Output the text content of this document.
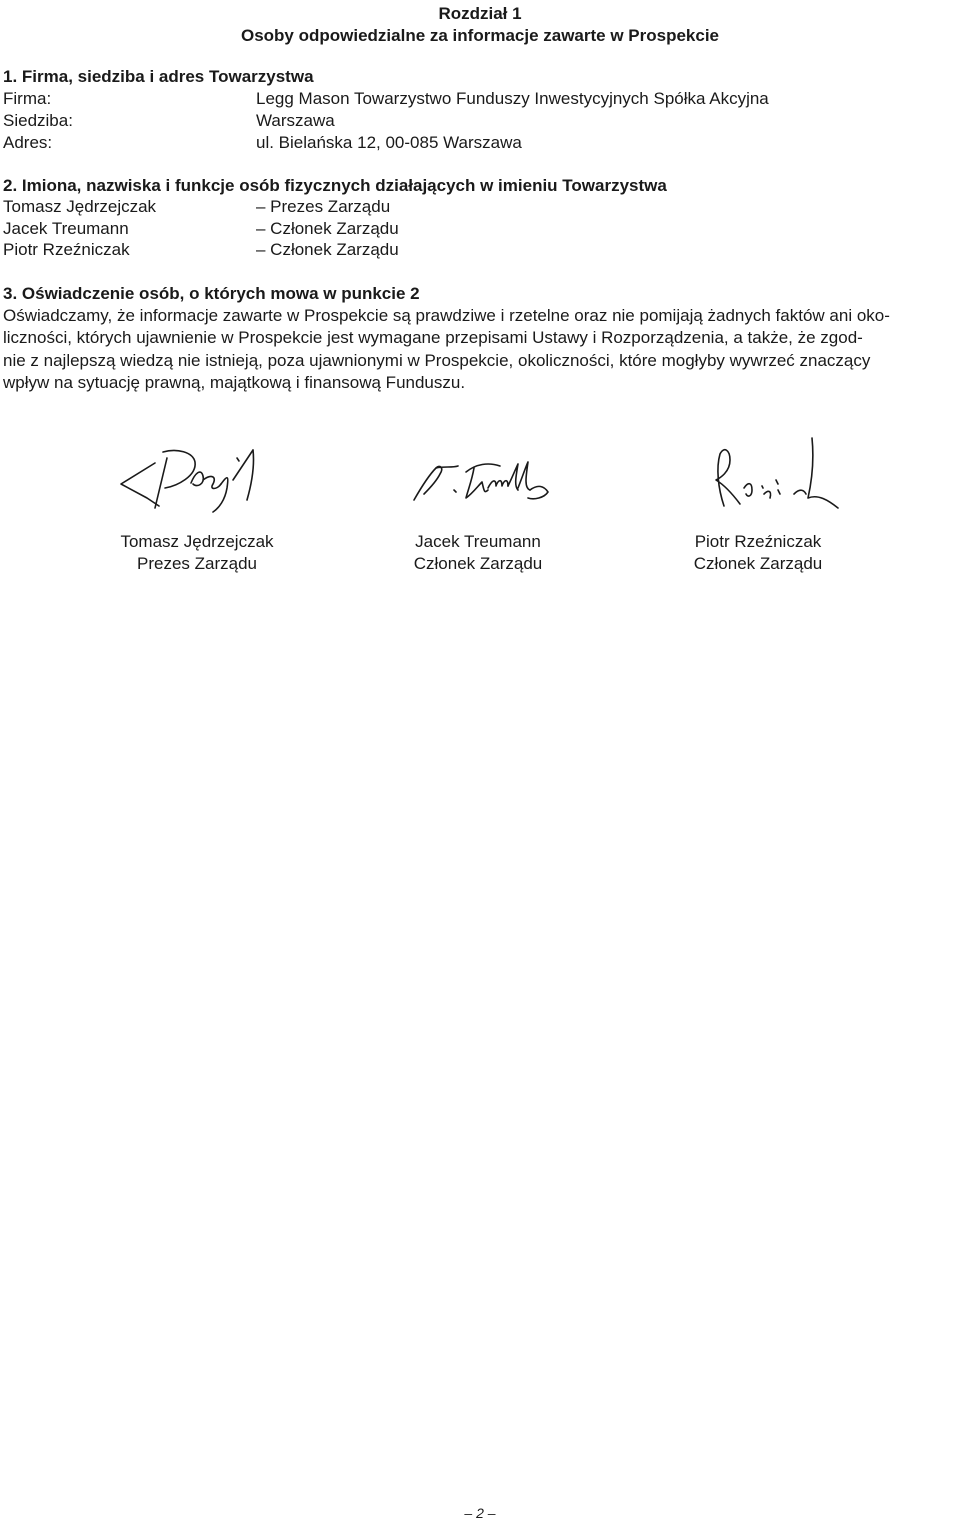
Rozdział 1
Osoby odpowiedzialne za informacje zawarte w Prospekcie
1. Firma, siedziba i adres Towarzystwa
Firma:	Legg Mason Towarzystwo Funduszy Inwestycyjnych Spółka Akcyjna
Siedziba:	Warszawa
Adres:	ul. Bielańska 12, 00-085 Warszawa
2. Imiona, nazwiska i funkcje osób fizycznych działających w imieniu Towarzystwa
Tomasz Jędrzejczak	– Prezes Zarządu
Jacek Treumann	– Członek Zarządu
Piotr Rzeźniczak	– Członek Zarządu
3. Oświadczenie osób, o których mowa w punkcie 2
Oświadczamy, że informacje zawarte w Prospekcie są prawdziwe i rzetelne oraz nie pomijają żadnych faktów ani oko-
liczności, których ujawnienie w Prospekcie jest wymagane przepisami Ustawy i Rozporządzenia, a także, że zgod-
nie z najlepszą wiedzą nie istnieją, poza ujawnionymi w Prospekcie, okoliczności, które mogłyby wywrzeć znaczący
wpływ na sytuację prawną, majątkową i finansową Funduszu.
Tomasz Jędrzejczak
Prezes Zarządu
Jacek Treumann
Członek Zarządu
Piotr Rzeźniczak
Członek Zarządu
– 2 –
